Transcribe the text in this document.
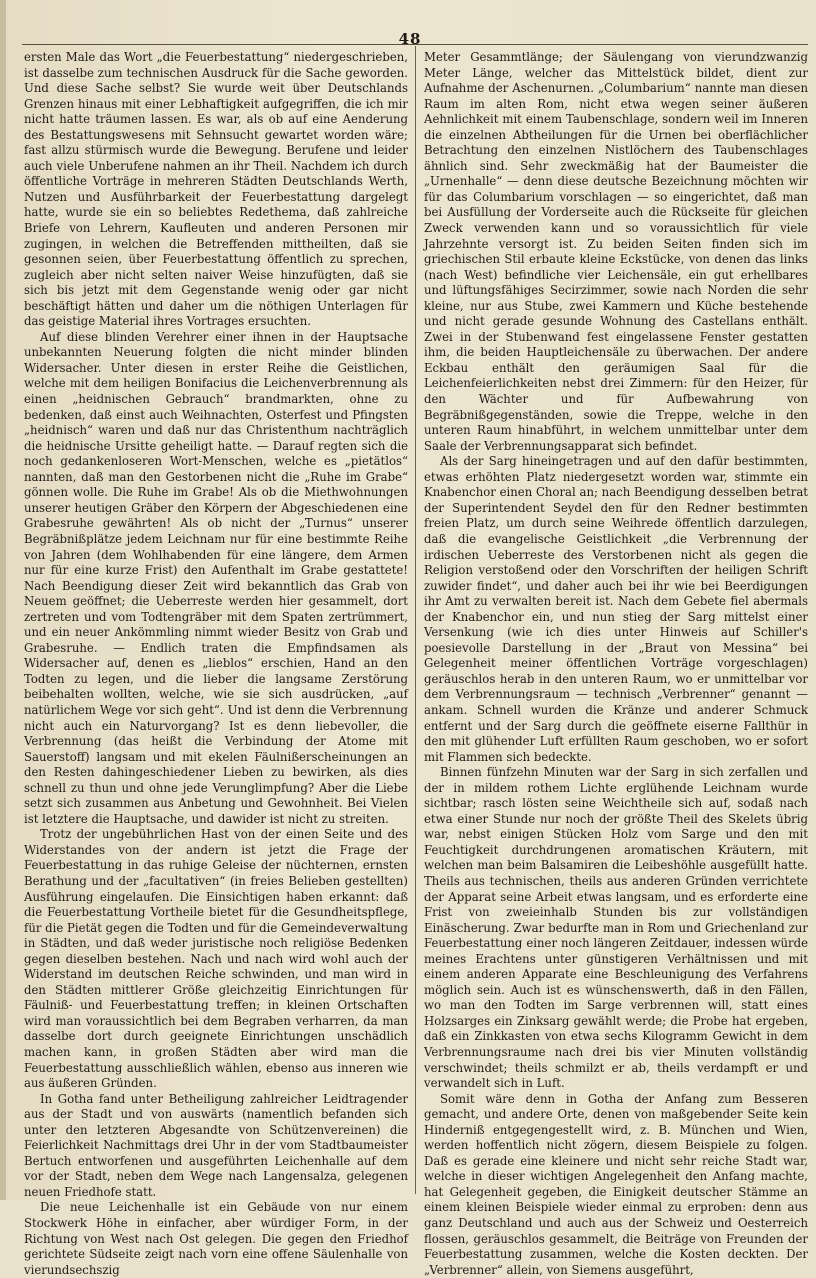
48

ersten Male das Wort „die Feuerbestattung“ niedergeschrieben, ist dasselbe zum technischen Ausdruck für die Sache geworden. Und diese Sache selbst? Sie wurde weit über Deutschlands Grenzen hinaus mit einer Lebhaftigkeit aufgegriffen, die ich mir nicht hatte träumen lassen. Es war, als ob auf eine Aenderung des Bestattungswesens mit Sehnsucht gewartet worden wäre; fast allzu stürmisch wurde die Bewegung. Berufene und leider auch viele Unberufene nahmen an ihr Theil. Nachdem ich durch öffentliche Vorträge in mehreren Städten Deutschlands Werth, Nutzen und Ausführbarkeit der Feuerbestattung dargelegt hatte, wurde sie ein so beliebtes Redethema, daß zahlreiche Briefe von Lehrern, Kaufleuten und anderen Personen mir zugingen, in welchen die Betreffenden mittheilten, daß sie gesonnen seien, über Feuerbestattung öffentlich zu sprechen, zugleich aber nicht selten naiver Weise hinzufügten, daß sie sich bis jetzt mit dem Gegenstande wenig oder gar nicht beschäftigt hätten und daher um die nöthigen Unterlagen für das geistige Material ihres Vortrages ersuchten.

Auf diese blinden Verehrer einer ihnen in der Hauptsache unbekannten Neuerung folgten die nicht minder blinden Widersacher. Unter diesen in erster Reihe die Geistlichen, welche mit dem heiligen Bonifacius die Leichenverbrennung als einen „heidnischen Gebrauch“ brandmarkten, ohne zu bedenken, daß einst auch Weihnachten, Osterfest und Pfingsten „heidnisch“ waren und daß nur das Christenthum nachträglich die heidnische Ursitte geheiligt hatte. — Darauf regten sich die noch gedankenloseren Wort-Menschen, welche es „pietätlos“ nannten, daß man den Gestorbenen nicht die „Ruhe im Grabe“ gönnen wolle. Die Ruhe im Grabe! Als ob die Miethwohnungen unserer heutigen Gräber den Körpern der Abgeschiedenen eine Grabesruhe gewährten! Als ob nicht der „Turnus“ unserer Begräbnißplätze jedem Leichnam nur für eine bestimmte Reihe von Jahren (dem Wohlhabenden für eine längere, dem Armen nur für eine kurze Frist) den Aufenthalt im Grabe gestattete! Nach Beendigung dieser Zeit wird bekanntlich das Grab von Neuem geöffnet; die Ueberreste werden hier gesammelt, dort zertreten und vom Todtengräber mit dem Spaten zertrümmert, und ein neuer Ankömmling nimmt wieder Besitz von Grab und Grabesruhe. — Endlich traten die Empfindsamen als Widersacher auf, denen es „lieblos“ erschien, Hand an den Todten zu legen, und die lieber die langsame Zerstörung beibehalten wollten, welche, wie sie sich ausdrücken, „auf natürlichem Wege vor sich geht“. Und ist denn die Verbrennung nicht auch ein Naturvorgang? Ist es denn liebevoller, die Verbrennung (das heißt die Verbindung der Atome mit Sauerstoff) langsam und mit ekelen Fäulnißerscheinungen an den Resten dahingeschiedener Lieben zu bewirken, als dies schnell zu thun und ohne jede Verunglimpfung? Aber die Liebe setzt sich zusammen aus Anbetung und Gewohnheit. Bei Vielen ist letztere die Hauptsache, und dawider ist nicht zu streiten.

Trotz der ungebührlichen Hast von der einen Seite und des Widerstandes von der andern ist jetzt die Frage der Feuerbestattung in das ruhige Geleise der nüchternen, ernsten Berathung und der „facultativen“ (in freies Belieben gestellten) Ausführung eingelaufen. Die Einsichtigen haben erkannt: daß die Feuerbestattung Vortheile bietet für die Gesundheitspflege, für die Pietät gegen die Todten und für die Gemeindeverwaltung in Städten, und daß weder juristische noch religiöse Bedenken gegen dieselben bestehen. Nach und nach wird wohl auch der Widerstand im deutschen Reiche schwinden, und man wird in den Städten mittlerer Größe gleichzeitig Einrichtungen für Fäulniß- und Feuerbestattung treffen; in kleinen Ortschaften wird man voraussichtlich bei dem Begraben verharren, da man dasselbe dort durch geeignete Einrichtungen unschädlich machen kann, in großen Städten aber wird man die Feuerbestattung ausschließlich wählen, ebenso aus inneren wie aus äußeren Gründen.

In Gotha fand unter Betheiligung zahlreicher Leidtragender aus der Stadt und von auswärts (namentlich befanden sich unter den letzteren Abgesandte von Schützenvereinen) die Feierlichkeit Nachmittags drei Uhr in der vom Stadtbaumeister Bertuch entworfenen und ausgeführten Leichenhalle auf dem vor der Stadt, neben dem Wege nach Langensalza, gelegenen neuen Friedhofe statt.

Die neue Leichenhalle ist ein Gebäude von nur einem Stockwerk Höhe in einfacher, aber würdiger Form, in der Richtung von West nach Ost gelegen. Die gegen den Friedhof gerichtete Südseite zeigt nach vorn eine offene Säulenhalle von vierundsechszig

Meter Gesammtlänge; der Säulengang von vierundzwanzig Meter Länge, welcher das Mittelstück bildet, dient zur Aufnahme der Aschenurnen. „Columbarium“ nannte man diesen Raum im alten Rom, nicht etwa wegen seiner äußeren Aehnlichkeit mit einem Taubenschlage, sondern weil im Inneren die einzelnen Abtheilungen für die Urnen bei oberflächlicher Betrachtung den einzelnen Nistlöchern des Taubenschlages ähnlich sind. Sehr zweckmäßig hat der Baumeister die „Urnenhalle“ — denn diese deutsche Bezeichnung möchten wir für das Columbarium vorschlagen — so eingerichtet, daß man bei Ausfüllung der Vorderseite auch die Rückseite für gleichen Zweck verwenden kann und so voraussichtlich für viele Jahrzehnte versorgt ist. Zu beiden Seiten finden sich im griechischen Stil erbaute kleine Eckstücke, von denen das links (nach West) befindliche vier Leichensäle, ein gut erhellbares und lüftungsfähiges Secirzimmer, sowie nach Norden die sehr kleine, nur aus Stube, zwei Kammern und Küche bestehende und nicht gerade gesunde Wohnung des Castellans enthält. Zwei in der Stubenwand fest eingelassene Fenster gestatten ihm, die beiden Hauptleichensäle zu überwachen. Der andere Eckbau enthält den geräumigen Saal für die Leichenfeierlichkeiten nebst drei Zimmern: für den Heizer, für den Wächter und für Aufbewahrung von Begräbnißgegenständen, sowie die Treppe, welche in den unteren Raum hinabführt, in welchem unmittelbar unter dem Saale der Verbrennungsapparat sich befindet.

Als der Sarg hineingetragen und auf den dafür bestimmten, etwas erhöhten Platz niedergesetzt worden war, stimmte ein Knabenchor einen Choral an; nach Beendigung desselben betrat der Superintendent Seydel den für den Redner bestimmten freien Platz, um durch seine Weihrede öffentlich darzulegen, daß die evangelische Geistlichkeit „die Verbrennung der irdischen Ueberreste des Verstorbenen nicht als gegen die Religion verstoßend oder den Vorschriften der heiligen Schrift zuwider findet“, und daher auch bei ihr wie bei Beerdigungen ihr Amt zu verwalten bereit ist. Nach dem Gebete fiel abermals der Knabenchor ein, und nun stieg der Sarg mittelst einer Versenkung (wie ich dies unter Hinweis auf Schiller's poesievolle Darstellung in der „Braut von Messina“ bei Gelegenheit meiner öffentlichen Vorträge vorgeschlagen) geräuschlos herab in den unteren Raum, wo er unmittelbar vor dem Verbrennungsraum — technisch „Verbrenner“ genannt — ankam. Schnell wurden die Kränze und anderer Schmuck entfernt und der Sarg durch die geöffnete eiserne Fallthür in den mit glühender Luft erfüllten Raum geschoben, wo er sofort mit Flammen sich bedeckte.

Binnen fünfzehn Minuten war der Sarg in sich zerfallen und der in mildem rothem Lichte erglühende Leichnam wurde sichtbar; rasch lösten seine Weichtheile sich auf, sodaß nach etwa einer Stunde nur noch der größte Theil des Skelets übrig war, nebst einigen Stücken Holz vom Sarge und den mit Feuchtigkeit durchdrungenen aromatischen Kräutern, mit welchen man beim Balsamiren die Leibeshöhle ausgefüllt hatte. Theils aus technischen, theils aus anderen Gründen verrichtete der Apparat seine Arbeit etwas langsam, und es erforderte eine Frist von zweieinhalb Stunden bis zur vollständigen Einäscherung. Zwar bedurfte man in Rom und Griechenland zur Feuerbestattung einer noch längeren Zeitdauer, indessen würde meines Erachtens unter günstigeren Verhältnissen und mit einem anderen Apparate eine Beschleunigung des Verfahrens möglich sein. Auch ist es wünschenswerth, daß in den Fällen, wo man den Todten im Sarge verbrennen will, statt eines Holzsarges ein Zinksarg gewählt werde; die Probe hat ergeben, daß ein Zinkkasten von etwa sechs Kilogramm Gewicht in dem Verbrennungsraume nach drei bis vier Minuten vollständig verschwindet; theils schmilzt er ab, theils verdampft er und verwandelt sich in Luft.

Somit wäre denn in Gotha der Anfang zum Besseren gemacht, und andere Orte, denen von maßgebender Seite kein Hinderniß entgegengestellt wird, z. B. München und Wien, werden hoffentlich nicht zögern, diesem Beispiele zu folgen. Daß es gerade eine kleinere und nicht sehr reiche Stadt war, welche in dieser wichtigen Angelegenheit den Anfang machte, hat Gelegenheit gegeben, die Einigkeit deutscher Stämme an einem kleinen Beispiele wieder einmal zu erproben: denn aus ganz Deutschland und auch aus der Schweiz und Oesterreich flossen, geräuschlos gesammelt, die Beiträge von Freunden der Feuerbestattung zusammen, welche die Kosten deckten. Der „Verbrenner“ allein, von Siemens ausgeführt,
